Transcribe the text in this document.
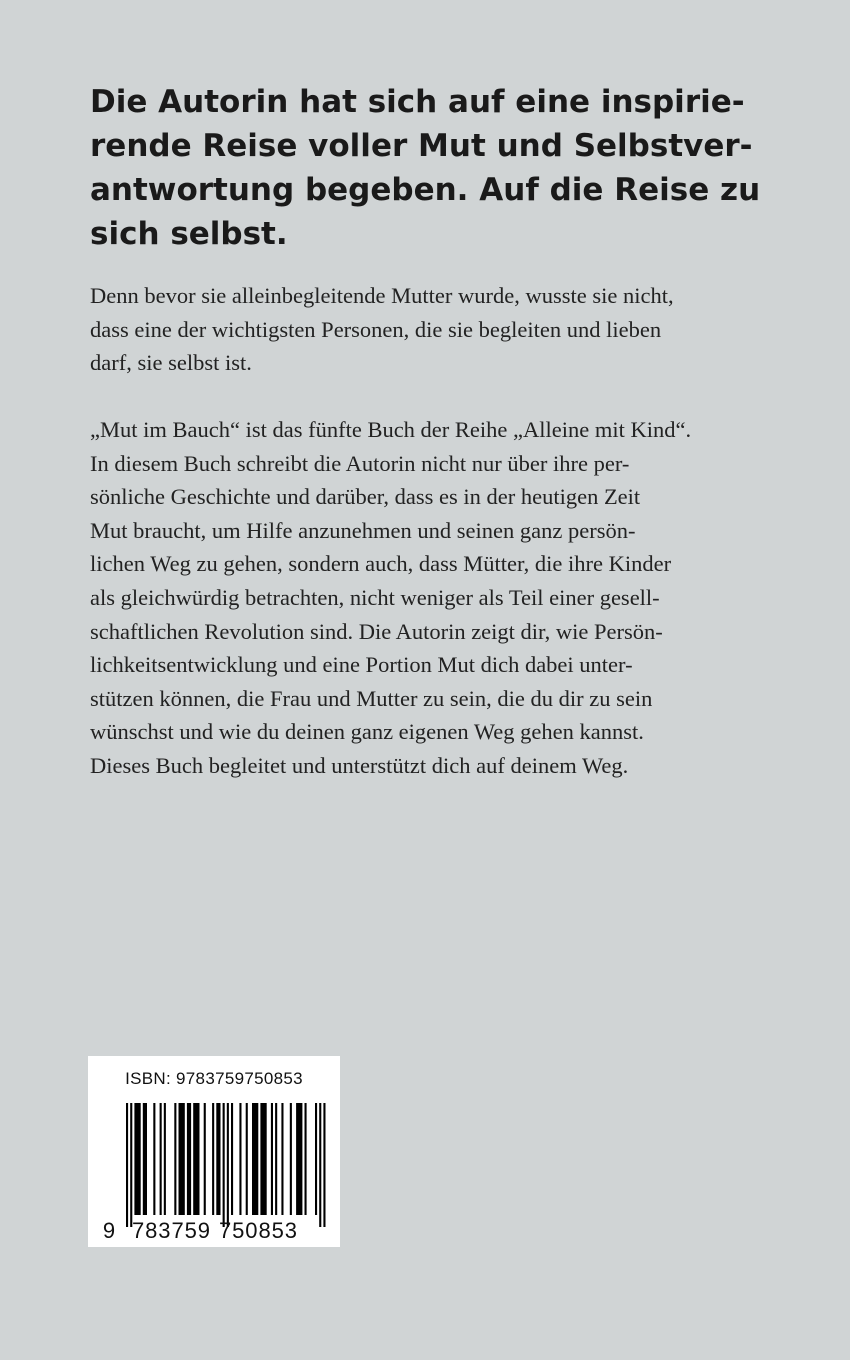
Die Autorin hat sich auf eine inspirie-
rende Reise voller Mut und Selbstver-
antwortung begeben. Auf die Reise zu
sich selbst.

Denn bevor sie alleinbegleitende Mutter wurde, wusste sie nicht,
dass eine der wichtigsten Personen, die sie begleiten und lieben
darf, sie selbst ist.

„Mut im Bauch“ ist das fünfte Buch der Reihe „Alleine mit Kind“.
In diesem Buch schreibt die Autorin nicht nur über ihre per-
sönliche Geschichte und darüber, dass es in der heutigen Zeit
Mut braucht, um Hilfe anzunehmen und seinen ganz persön-
lichen Weg zu gehen, sondern auch, dass Mütter, die ihre Kinder
als gleichwürdig betrachten, nicht weniger als Teil einer gesell-
schaftlichen Revolution sind. Die Autorin zeigt dir, wie Persön-
lichkeitsentwicklung und eine Portion Mut dich dabei unter-
stützen können, die Frau und Mutter zu sein, die du dir zu sein
wünschst und wie du deinen ganz eigenen Weg gehen kannst.
Dieses Buch begleitet und unterstützt dich auf deinem Weg.

ISBN: 9783759750853
9 783759 750853
